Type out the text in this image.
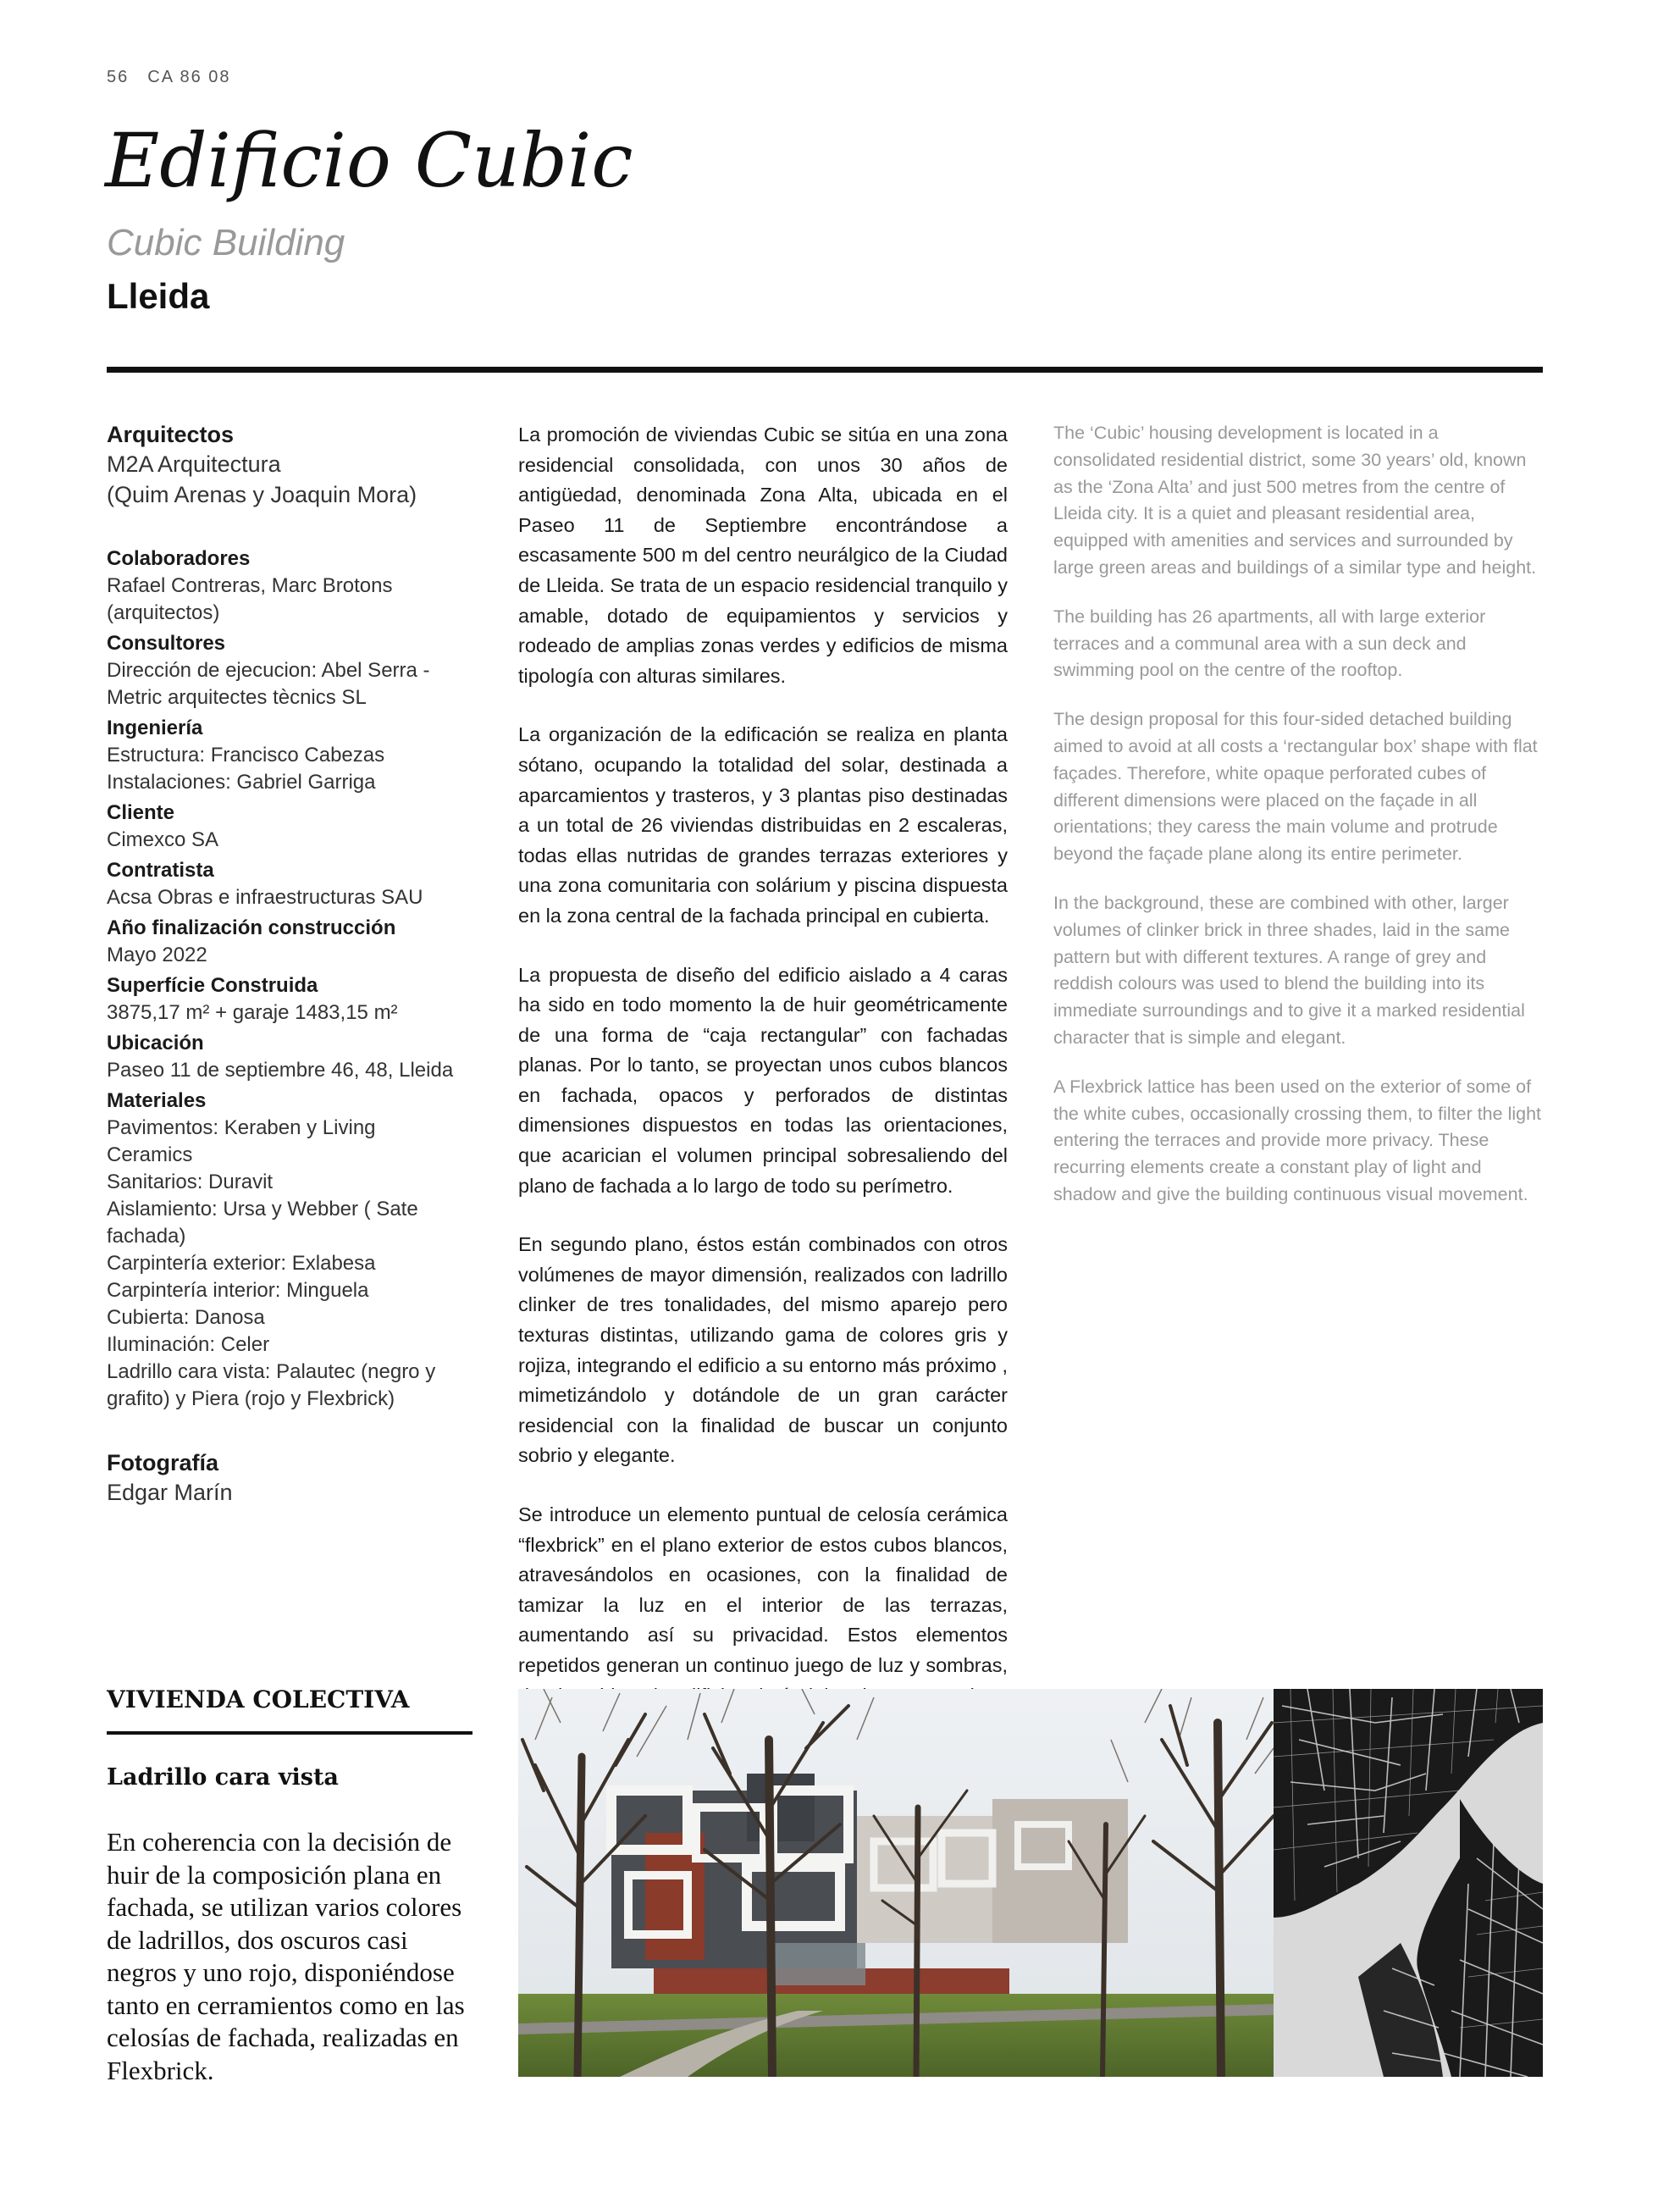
56 CA 86 08
Edificio Cubic
Cubic Building
Lleida
Arquitectos
M2A Arquitectura
(Quim Arenas y Joaquin Mora)
Colaboradores
Rafael Contreras, Marc Brotons
(arquitectos)
Consultores
Dirección de ejecucion: Abel Serra -
Metric arquitectes tècnics SL
Ingeniería
Estructura: Francisco Cabezas
Instalaciones: Gabriel Garriga
Cliente
Cimexco SA
Contratista
Acsa Obras e infraestructuras SAU
Año finalización construcción
Mayo 2022
Superfície Construida
3875,17 m² + garaje 1483,15 m²
Ubicación
Paseo 11 de septiembre 46, 48, Lleida
Materiales
Pavimentos: Keraben y Living
Ceramics
Sanitarios: Duravit
Aislamiento: Ursa y Webber ( Sate
fachada)
Carpintería exterior: Exlabesa
Carpintería interior: Minguela
Cubierta: Danosa
Iluminación: Celer
Ladrillo cara vista: Palautec (negro y
grafito) y Piera (rojo y Flexbrick)
Fotografía
Edgar Marín

La promoción de viviendas Cubic se sitúa en una zona residencial consolidada, con unos 30 años de antigüedad, denominada Zona Alta, ubicada en el Paseo 11 de Septiembre encontrándose a escasamente 500 m del centro neurálgico de la Ciudad de Lleida. Se trata de un espacio residencial tranquilo y amable, dotado de equipamientos y servicios y rodeado de amplias zonas verdes y edificios de misma tipología con alturas similares.

La organización de la edificación se realiza en planta sótano, ocupando la totalidad del solar, destinada a aparcamientos y trasteros, y 3 plantas piso destinadas a un total de 26 viviendas distribuidas en 2 escaleras, todas ellas nutridas de grandes terrazas exteriores y una zona comunitaria con solárium y piscina dispuesta en la zona central de la fachada principal en cubierta.

La propuesta de diseño del edificio aislado a 4 caras ha sido en todo momento la de huir geométricamente de una forma de “caja rectangular” con fachadas planas. Por lo tanto, se proyectan unos cubos blancos en fachada, opacos y perforados de distintas dimensiones dispuestos en todas las orientaciones, que acarician el volumen principal sobresaliendo del plano de fachada a lo largo de todo su perímetro.

En segundo plano, éstos están combinados con otros volúmenes de mayor dimensión, realizados con ladrillo clinker de tres tonalidades, del mismo aparejo pero texturas distintas, utilizando gama de colores gris y rojiza, integrando el edificio a su entorno más próximo , mimetizándolo y dotándole de un gran carácter residencial con la finalidad de buscar un conjunto sobrio y elegante.

Se introduce un elemento puntual de celosía cerámica “flexbrick” en el plano exterior de estos cubos blancos, atravesándolos en ocasiones, con la finalidad de tamizar la luz en el interior de las terrazas, aumentando así su privacidad. Estos elementos repetidos generan un continuo juego de luz y sombras,

The ‘Cubic’ housing development is located in a consolidated residential district, some 30 years’ old, known as the ‘Zona Alta’ and just 500 metres from the centre of Lleida city. It is a quiet and pleasant residential area, equipped with amenities and services and surrounded by large green areas and buildings of a similar type and height.

The building has 26 apartments, all with large exterior terraces and a communal area with a sun deck and swimming pool on the centre of the rooftop.

The design proposal for this four-sided detached building aimed to avoid at all costs a ‘rectangular box’ shape with flat façades. Therefore, white opaque perforated cubes of different dimensions were placed on the façade in all orientations; they caress the main volume and protrude beyond the façade plane along its entire perimeter.

In the background, these are combined with other, larger volumes of clinker brick in three shades, laid in the same pattern but with different textures. A range of grey and reddish colours was used to blend the building into its immediate surroundings and to give it a marked residential character that is simple and elegant.

A Flexbrick lattice has been used on the exterior of some of the white cubes, occasionally crossing them, to filter the light entering the terraces and provide more privacy. These recurring elements create a constant play of light and shadow and give the building continuous visual movement.

VIVIENDA COLECTIVA
Ladrillo cara vista

En coherencia con la decisión de huir de la composición plana en fachada, se utilizan varios colores de ladrillos, dos oscuros casi negros y uno rojo, disponiéndose tanto en cerramientos como en las celosías de fachada, realizadas en Flexbrick.
